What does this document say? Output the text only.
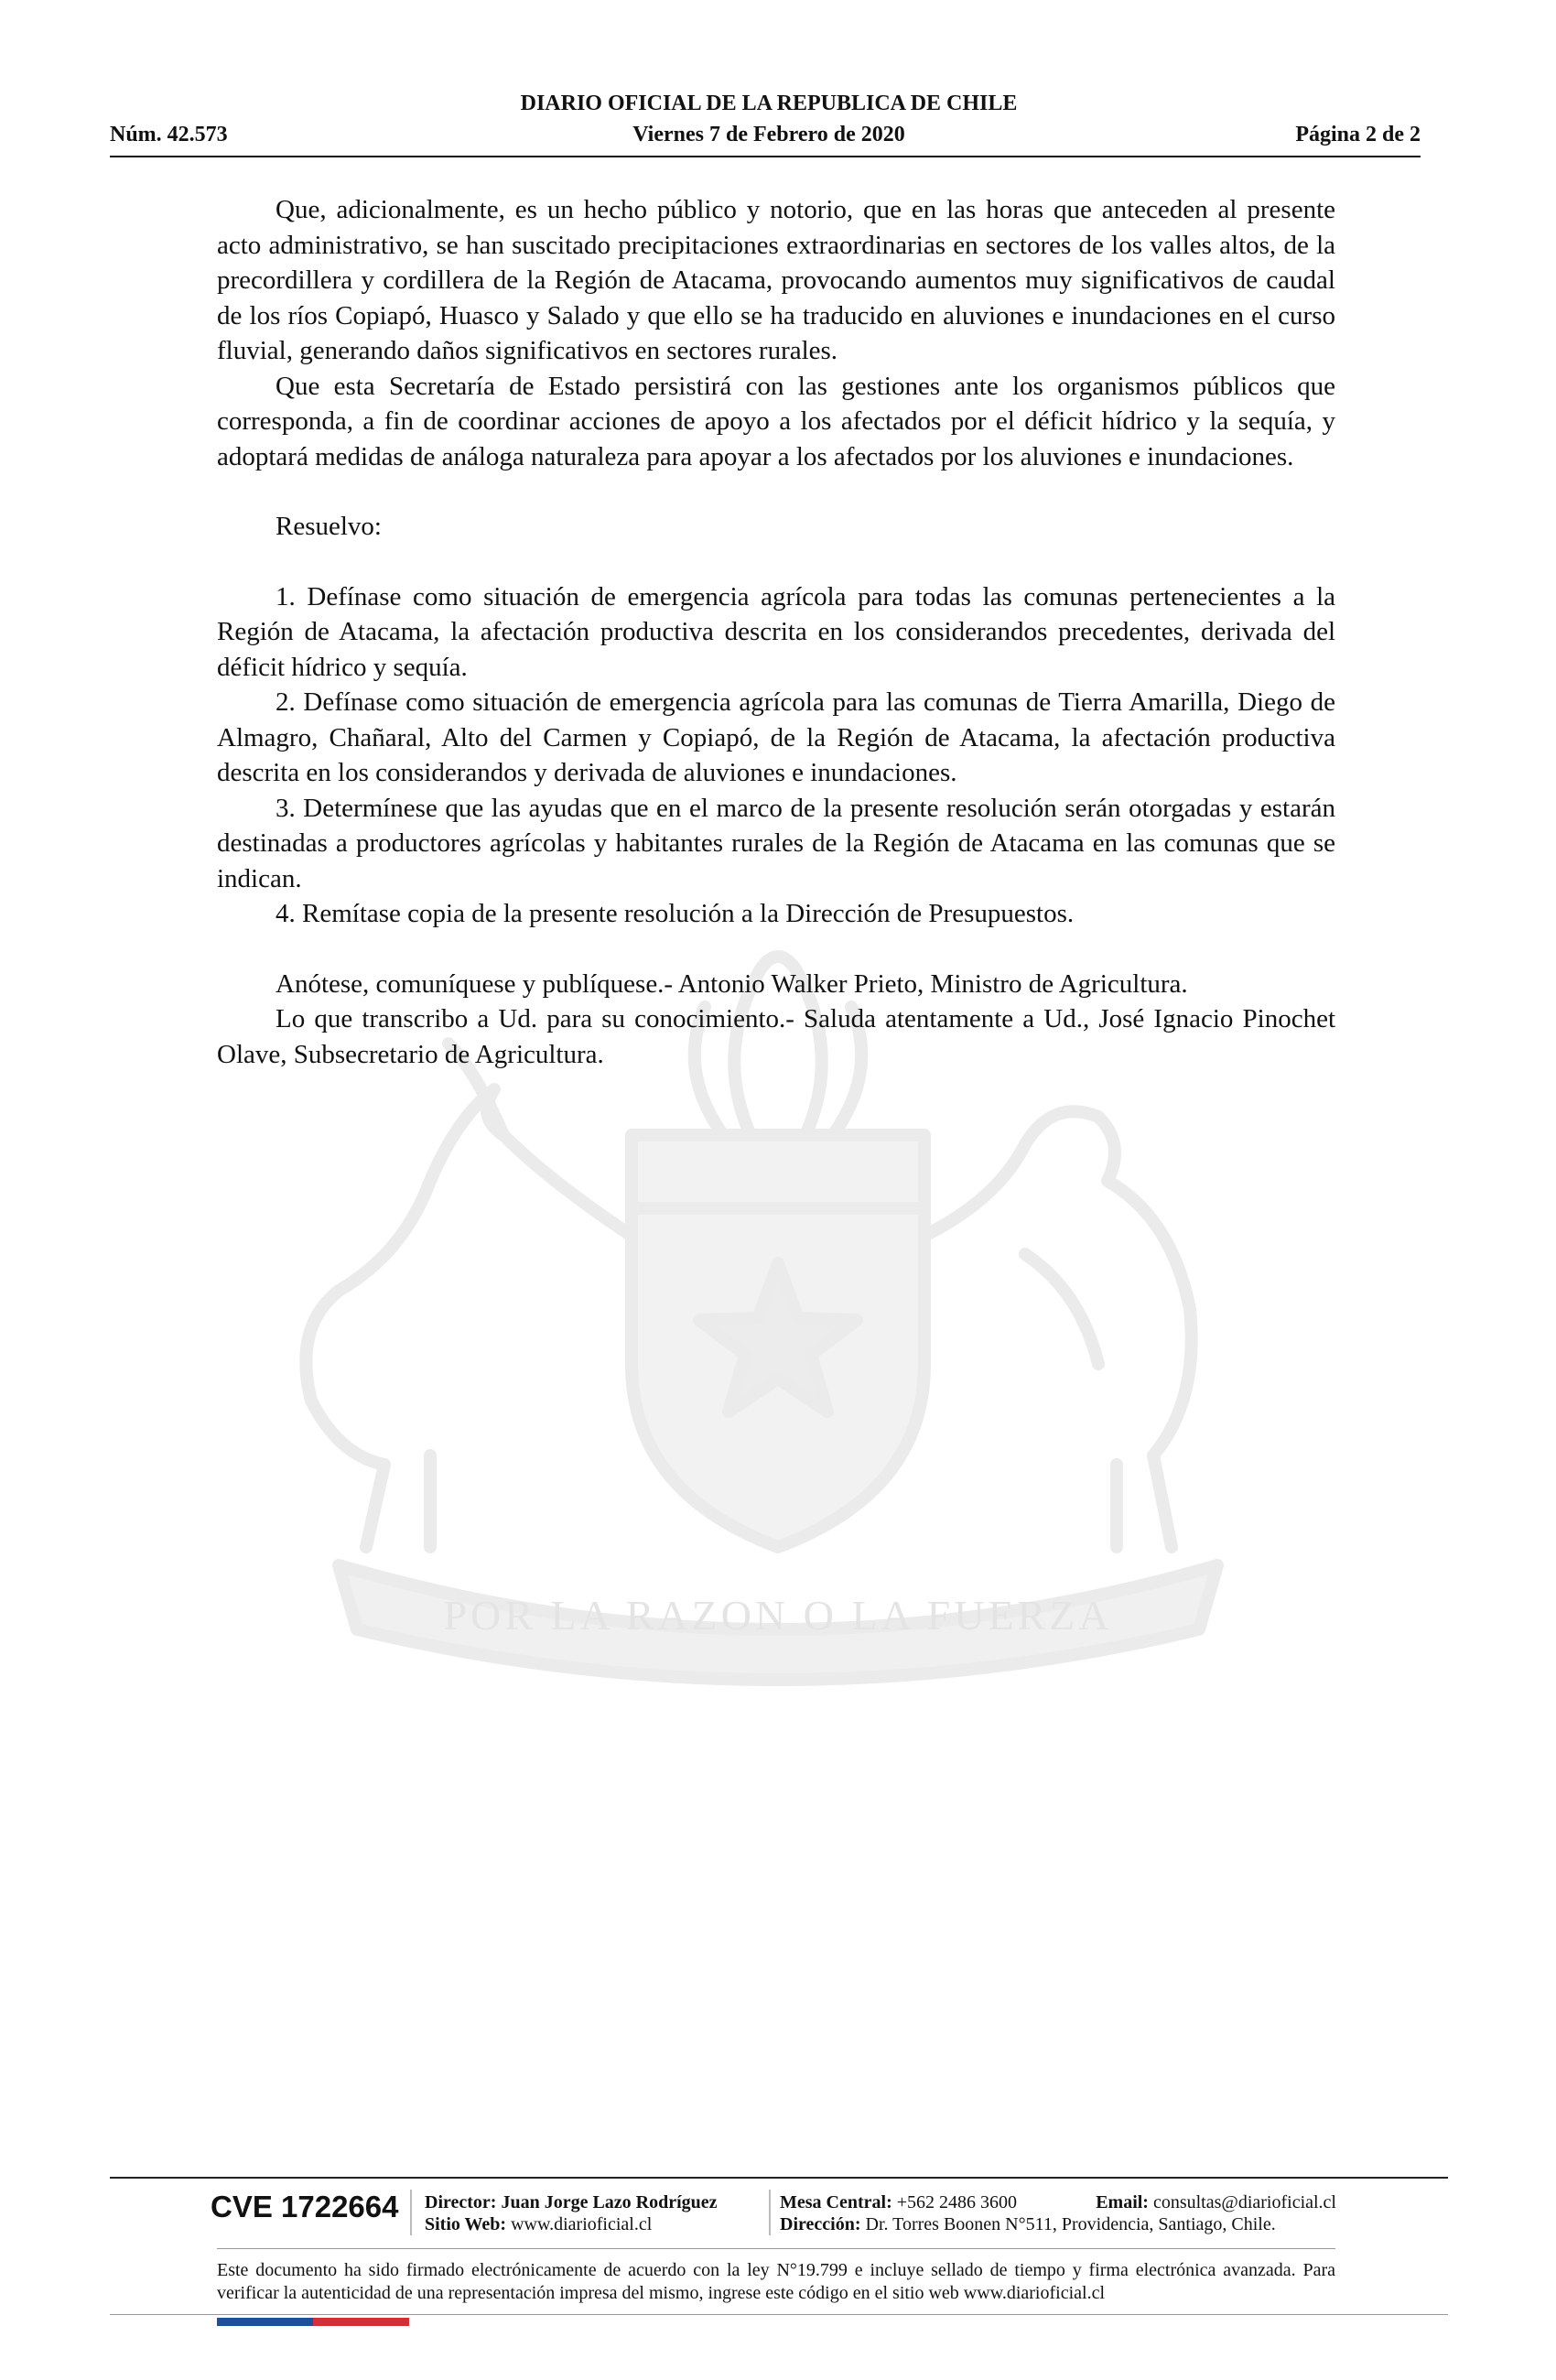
DIARIO OFICIAL DE LA REPUBLICA DE CHILE
Núm. 42.573	Viernes 7 de Febrero de 2020	Página 2 de 2
POR LA RAZON O LA FUERZA

Que, adicionalmente, es un hecho público y notorio, que en las horas que anteceden al presente acto administrativo, se han suscitado precipitaciones extraordinarias en sectores de los valles altos, de la precordillera y cordillera de la Región de Atacama, provocando aumentos muy significativos de caudal de los ríos Copiapó, Huasco y Salado y que ello se ha traducido en aluviones e inundaciones en el curso fluvial, generando daños significativos en sectores rurales.

Que esta Secretaría de Estado persistirá con las gestiones ante los organismos públicos que corresponda, a fin de coordinar acciones de apoyo a los afectados por el déficit hídrico y la sequía, y adoptará medidas de análoga naturaleza para apoyar a los afectados por los aluviones e inundaciones.

Resuelvo:

1. Defínase como situación de emergencia agrícola para todas las comunas pertenecientes a la Región de Atacama, la afectación productiva descrita en los considerandos precedentes, derivada del déficit hídrico y sequía.

2. Defínase como situación de emergencia agrícola para las comunas de Tierra Amarilla, Diego de Almagro, Chañaral, Alto del Carmen y Copiapó, de la Región de Atacama, la afectación productiva descrita en los considerandos y derivada de aluviones e inundaciones.

3. Determínese que las ayudas que en el marco de la presente resolución serán otorgadas y estarán destinadas a productores agrícolas y habitantes rurales de la Región de Atacama en las comunas que se indican.

4. Remítase copia de la presente resolución a la Dirección de Presupuestos.

Anótese, comuníquese y publíquese.- Antonio Walker Prieto, Ministro de Agricultura.

Lo que transcribo a Ud. para su conocimiento.- Saluda atentamente a Ud., José Ignacio Pinochet Olave, Subsecretario de Agricultura.

CVE 1722664 Director: Juan Jorge Lazo Rodríguez
Sitio Web: www.diarioficial.cl
Mesa Central: +562 2486 3600	Email: consultas@diarioficial.cl
Dirección: Dr. Torres Boonen N°511, Providencia, Santiago, Chile.
Este documento ha sido firmado electrónicamente de acuerdo con la ley N°19.799 e incluye sellado de tiempo y firma electrónica avanzada. Para verificar la autenticidad de una representación impresa del mismo, ingrese este código en el sitio web www.diarioficial.cl
